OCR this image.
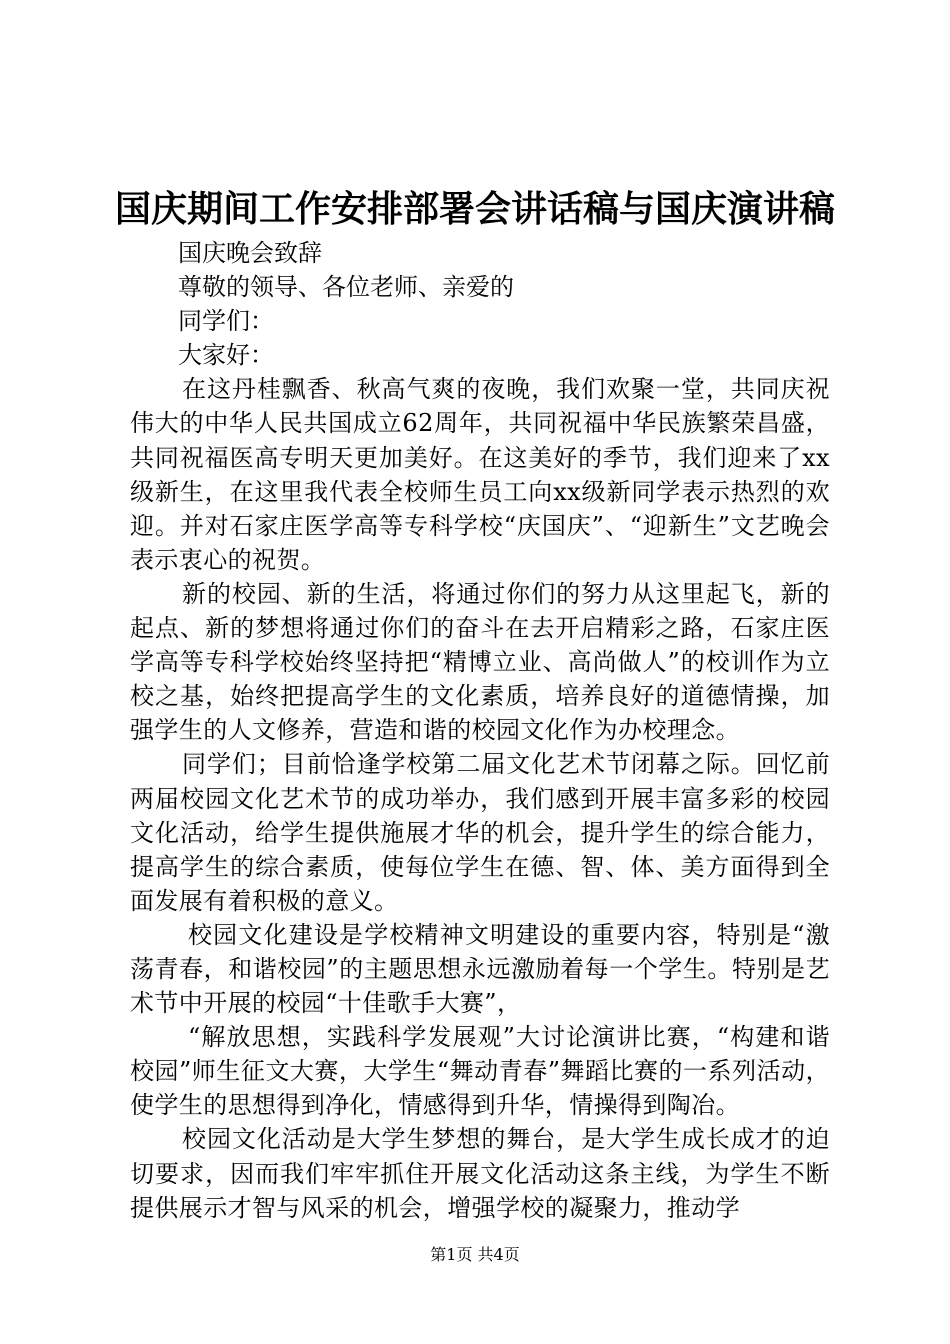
国庆期间工作安排部署会讲话稿与国庆演讲稿
国庆晚会致辞
尊敬的领导、各位老师、亲爱的
同学们：
大家好：

在这丹桂飘香、秋高气爽的夜晚，我们欢聚一堂，共同庆祝伟大的中华人民共国成立62周年，共同祝福中华民族繁荣昌盛，共同祝福医高专明天更加美好。在这美好的季节，我们迎来了xx级新生，在这里我代表全校师生员工向xx级新同学表示热烈的欢迎。并对石家庄医学高等专科学校“庆国庆”、“迎新生”文艺晚会表示衷心的祝贺。

新的校园、新的生活，将通过你们的努力从这里起飞，新的起点、新的梦想将通过你们的奋斗在去开启精彩之路，石家庄医学高等专科学校始终坚持把“精博立业、高尚做人”的校训作为立校之基，始终把提高学生的文化素质，培养良好的道德情操，加强学生的人文修养，营造和谐的校园文化作为办校理念。

同学们；目前恰逢学校第二届文化艺术节闭幕之际。回忆前两届校园文化艺术节的成功举办，我们感到开展丰富多彩的校园文化活动，给学生提供施展才华的机会，提升学生的综合能力，提高学生的综合素质，使每位学生在德、智、体、美方面得到全面发展有着积极的意义。

校园文化建设是学校精神文明建设的重要内容，特别是“激荡青春，和谐校园”的主题思想永远激励着每一个学生。特别是艺术节中开展的校园“十佳歌手大赛”，

“解放思想，实践科学发展观”大讨论演讲比赛，“构建和谐校园”师生征文大赛，大学生“舞动青春”舞蹈比赛的一系列活动，使学生的思想得到净化，情感得到升华，情操得到陶冶。

校园文化活动是大学生梦想的舞台，是大学生成长成才的迫切要求，因而我们牢牢抓住开展文化活动这条主线，为学生不断提供展示才智与风采的机会，增强学校的凝聚力，推动学

第1页 共4页
